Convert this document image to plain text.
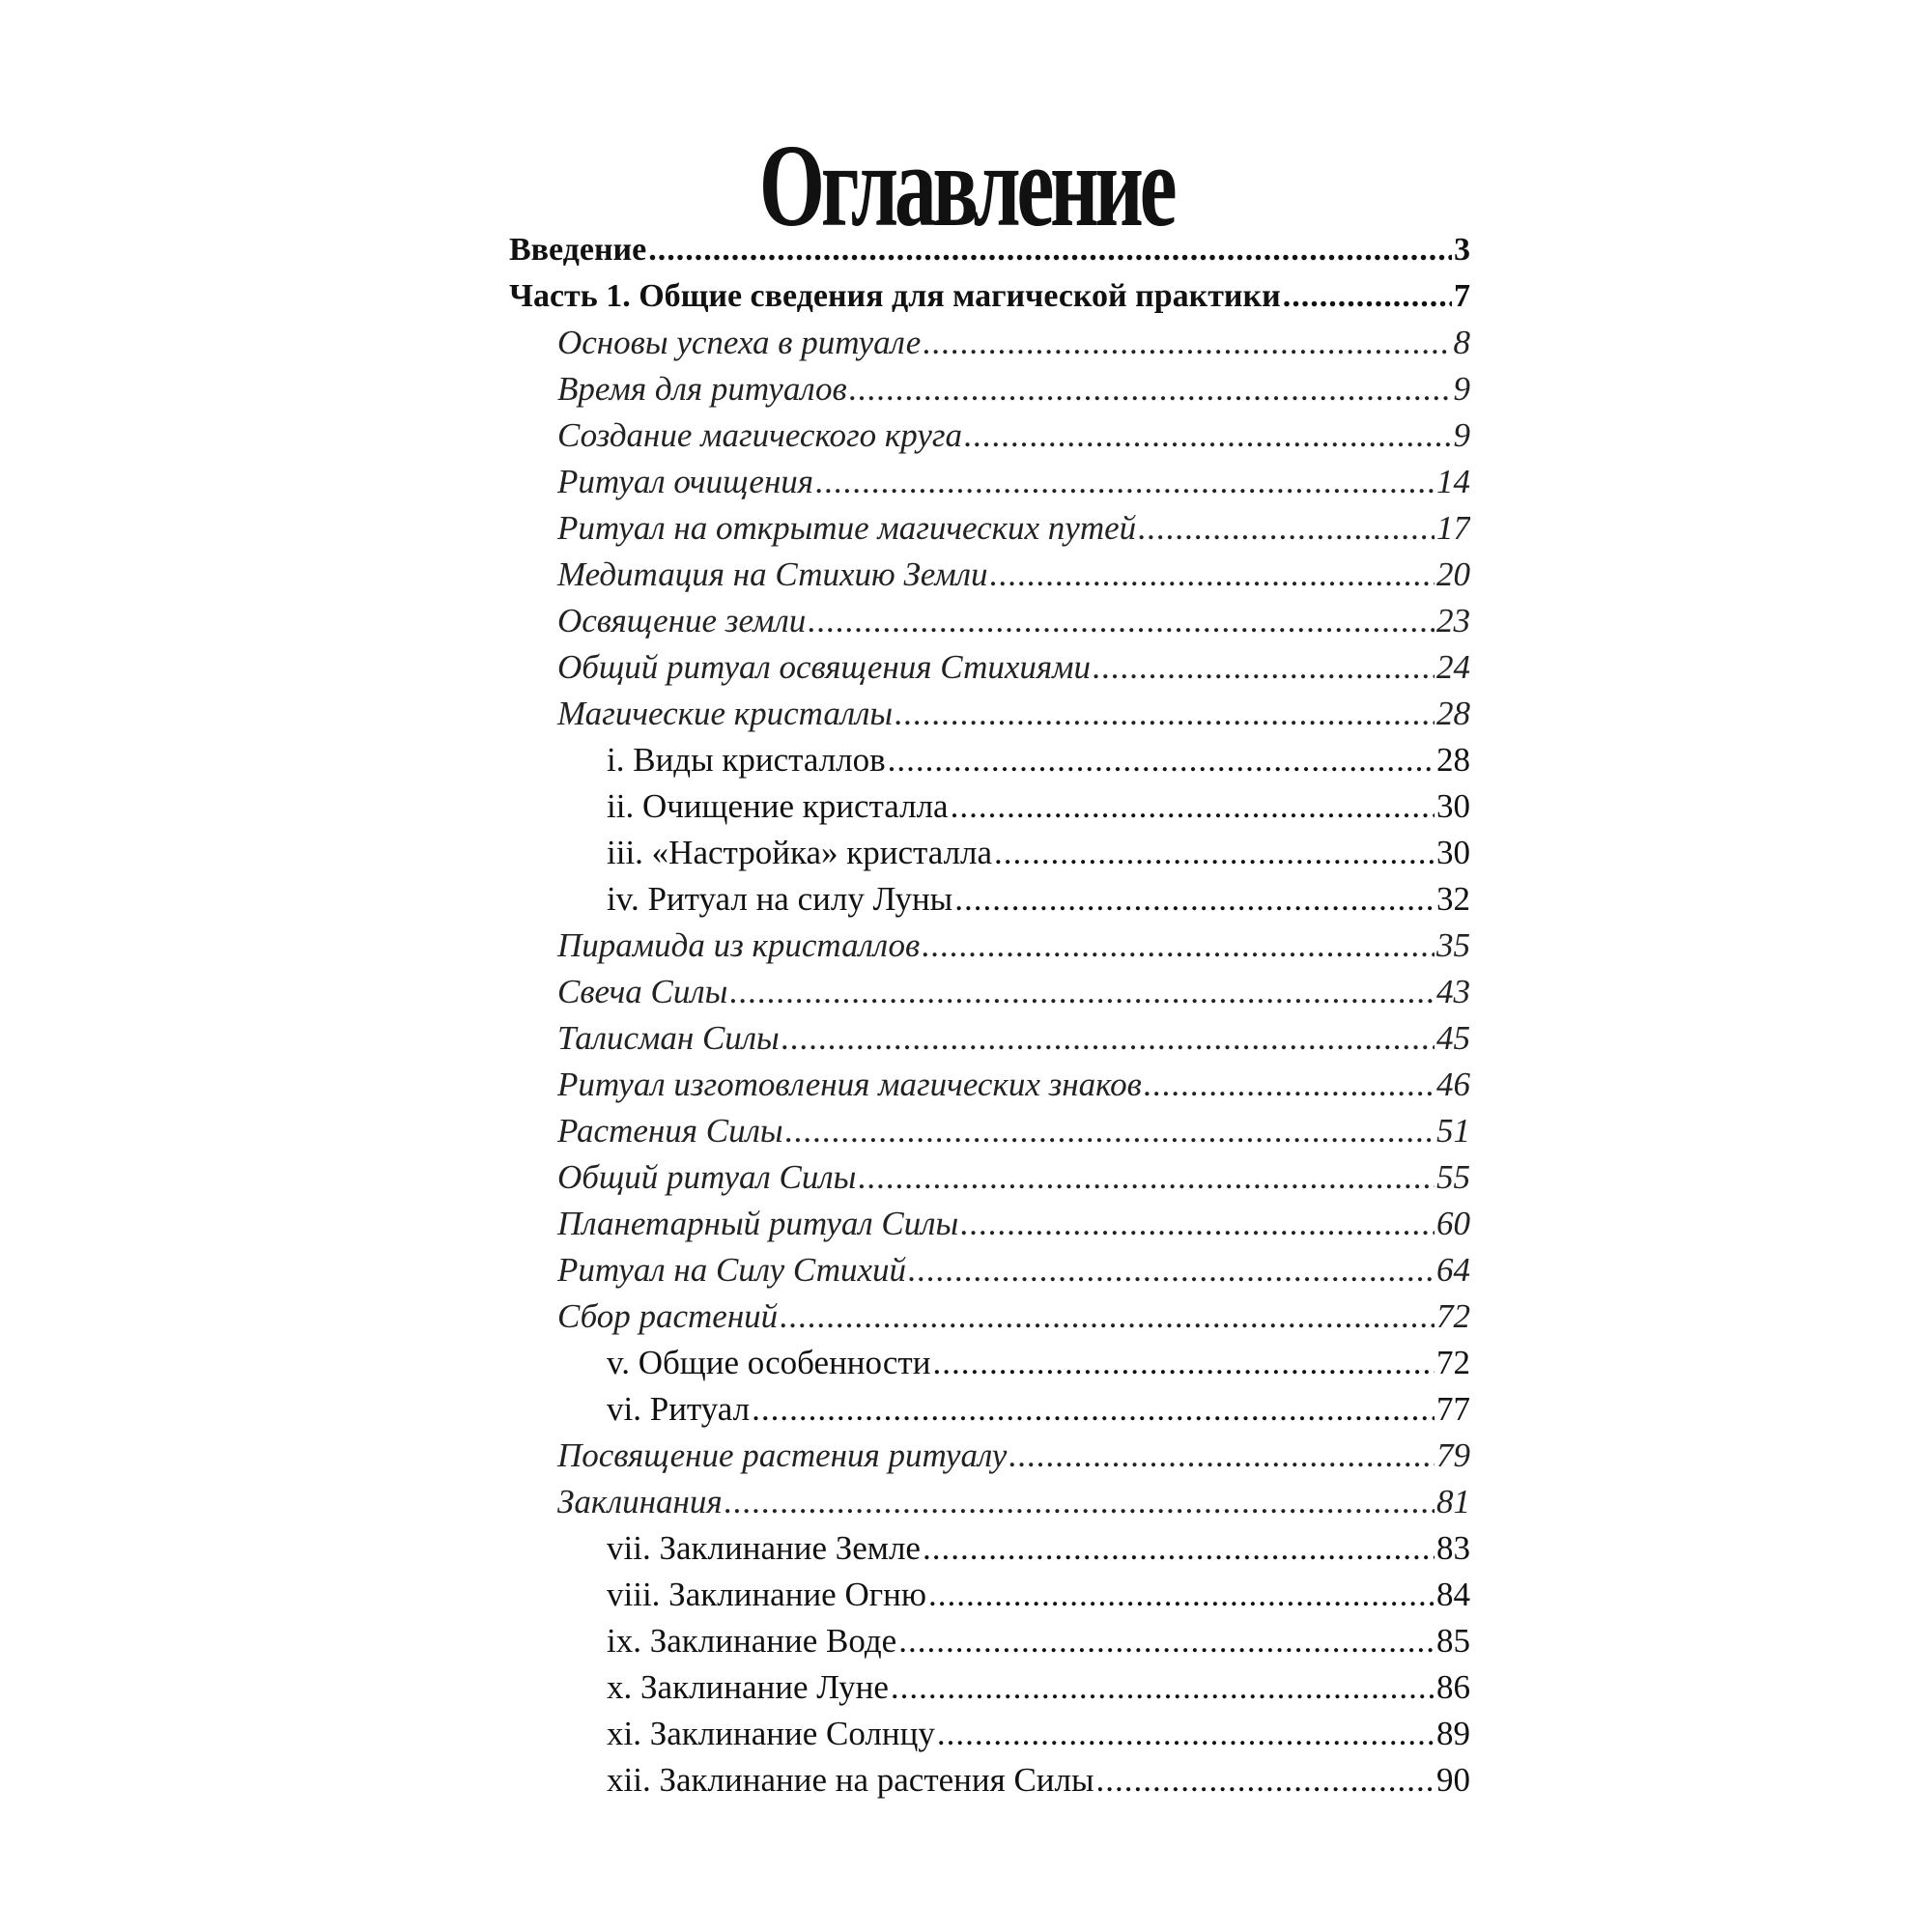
Оглавление
Введение .....	3
Часть 1. Общие сведения для магической практики .....	7
Основы успеха в ритуале .....	8
Время для ритуалов .....	9
Создание магического круга .....	9
Ритуал очищения .....	14
Ритуал на открытие магических путей .....	17
Медитация на Стихию Земли .....	20
Освящение земли .....	23
Общий ритуал освящения Стихиями .....	24
Магические кристаллы .....	28
i. Виды кристаллов .....	28
ii. Очищение кристалла .....	30
iii. «Настройка» кристалла .....	30
iv. Ритуал на силу Луны .....	32
Пирамида из кристаллов .....	35
Свеча Силы .....	43
Талисман Силы .....	45
Ритуал изготовления магических знаков .....	46
Растения Силы .....	51
Общий ритуал Силы .....	55
Планетарный ритуал Силы .....	60
Ритуал на Силу Стихий .....	64
Сбор растений .....	72
v. Общие особенности .....	72
vi. Ритуал .....	77
Посвящение растения ритуалу .....	79
Заклинания .....	81
vii. Заклинание Земле .....	83
viii. Заклинание Огню .....	84
ix. Заклинание Воде .....	85
x. Заклинание Луне .....	86
xi. Заклинание Солнцу .....	89
xii. Заклинание на растения Силы .....	90
